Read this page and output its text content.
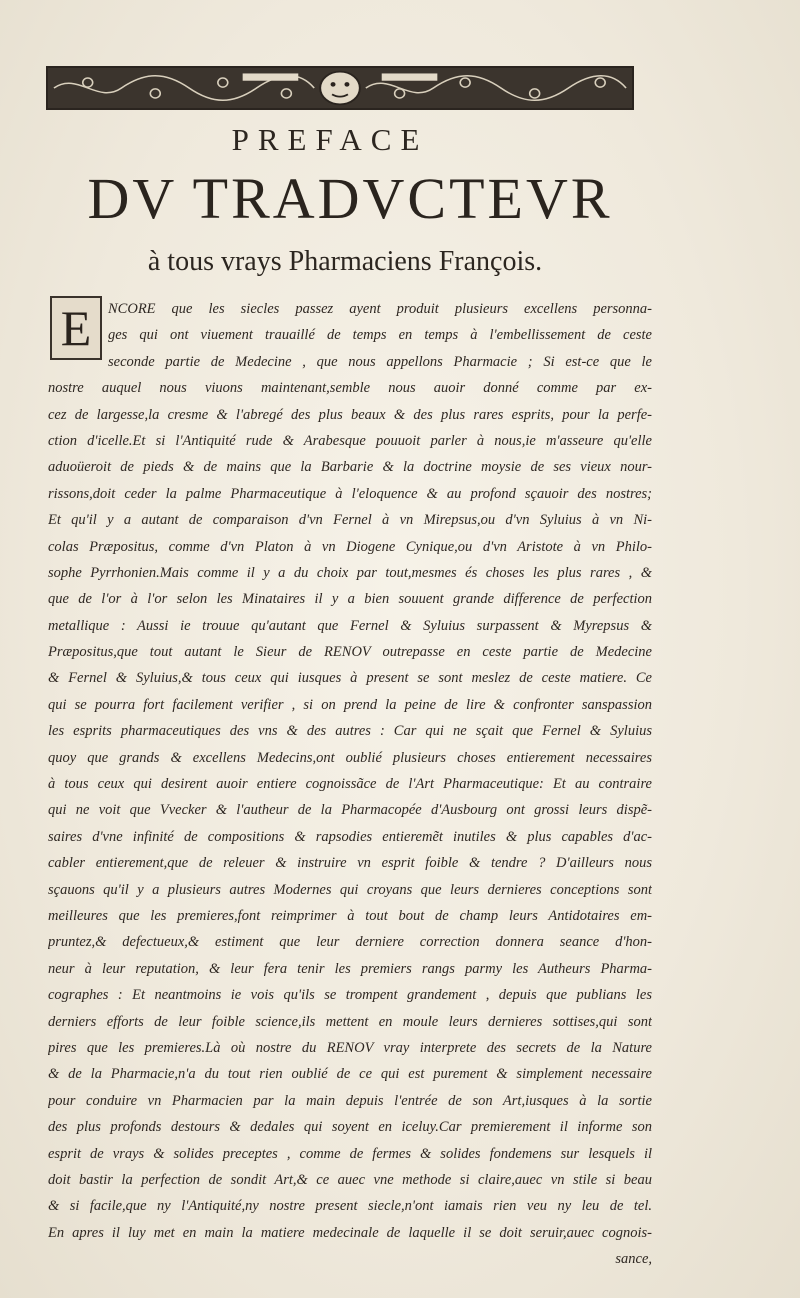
PREFACE
DV TRADVCTEVR
à tous vrays Pharmaciens François.
E	NCORE que les siecles passez ayent produit plusieurs excellens personna-
ges qui ont viuement trauaillé de temps en temps à l'embellissement de ceste
seconde partie de Medecine , que nous appellons Pharmacie ; Si est-ce que le
nostre auquel nous viuons maintenant,semble nous auoir donné comme par ex-
cez de largesse,la cresme & l'abregé des plus beaux & des plus rares esprits, pour la perfe-
ction d'icelle.Et si l'Antiquité rude & Arabesque pouuoit parler à nous,ie m'asseure qu'elle
aduoüeroit de pieds & de mains que la Barbarie & la doctrine moysie de ses vieux nour-
rissons,doit ceder la palme Pharmaceutique à l'eloquence & au profond sçauoir des nostres;
Et qu'il y a autant de comparaison d'vn Fernel à vn Mirepsus,ou d'vn Syluius à vn Ni-
colas Præpositus, comme d'vn Platon à vn Diogene Cynique,ou d'vn Aristote à vn Philo-
sophe Pyrrhonien.Mais comme il y a du choix par tout,mesmes és choses les plus rares , &
que de l'or à l'or selon les Minataires il y a bien souuent grande difference de perfection
metallique : Aussi ie trouue qu'autant que Fernel & Syluius surpassent & Myrepsus &
Præpositus,que tout autant le Sieur de RENOV outrepasse en ceste partie de Medecine
& Fernel & Syluius,& tous ceux qui iusques à present se sont meslez de ceste matiere. Ce
qui se pourra fort facilement verifier , si on prend la peine de lire & confronter sanspassion
les esprits pharmaceutiques des vns & des autres : Car qui ne sçait que Fernel & Syluius
quoy que grands & excellens Medecins,ont oublié plusieurs choses entierement necessaires
à tous ceux qui desirent auoir entiere cognoissãce de l'Art Pharmaceutique: Et au contraire
qui ne voit que Vvecker & l'autheur de la Pharmacopée d'Ausbourg ont grossi leurs dispẽ-
saires d'vne infinité de compositions & rapsodies entieremẽt inutiles & plus capables d'ac-
cabler entierement,que de releuer & instruire vn esprit foible & tendre ? D'ailleurs nous
sçauons qu'il y a plusieurs autres Modernes qui croyans que leurs dernieres conceptions sont
meilleures que les premieres,font reimprimer à tout bout de champ leurs Antidotaires em-
pruntez,& defectueux,& estiment que leur derniere correction donnera seance d'hon-
neur à leur reputation, & leur fera tenir les premiers rangs parmy les Autheurs Pharma-
cographes : Et neantmoins ie vois qu'ils se trompent grandement , depuis que publians les
derniers efforts de leur foible science,ils mettent en moule leurs dernieres sottises,qui sont
pires que les premieres.Là où nostre du RENOV vray interprete des secrets de la Nature
& de la Pharmacie,n'a du tout rien oublié de ce qui est purement & simplement necessaire
pour conduire vn Pharmacien par la main depuis l'entrée de son Art,iusques à la sortie
des plus profonds destours & dedales qui soyent en iceluy.Car premierement il informe son
esprit de vrays & solides preceptes , comme de fermes & solides fondemens sur lesquels il
doit bastir la perfection de sondit Art,& ce auec vne methode si claire,auec vn stile si beau
& si facile,que ny l'Antiquité,ny nostre present siecle,n'ont iamais rien veu ny leu de tel.
En apres il luy met en main la matiere medecinale de laquelle il se doit seruir,auec cognois-
sance,
